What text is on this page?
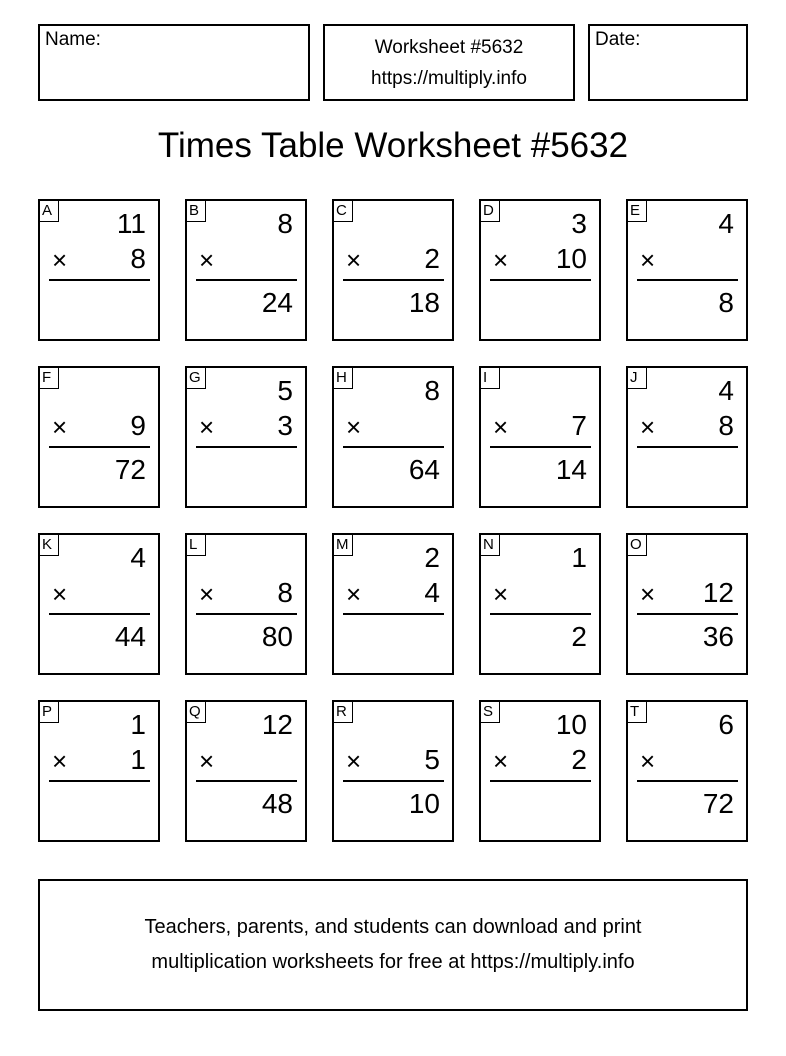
Name:	Worksheet #5632
https://multiply.info
Date:
Times Table Worksheet #5632
A 11
× 8
B	8
×
24
C
× 2
18
D	3
× 10
E	4
×
8
F
× 9
72
G	5
× 3
H	8
×
64
I
× 7
14
J	4
× 8
K	4
×
44
L
× 8
80
M	2
× 4
N	1
×
2
O
× 12
36
P	1
× 1
Q 12
×
48
R
× 5
10
S 10
× 2
T	6
×
72
Teachers, parents, and students can download and print
multiplication worksheets for free at https://multiply.info
